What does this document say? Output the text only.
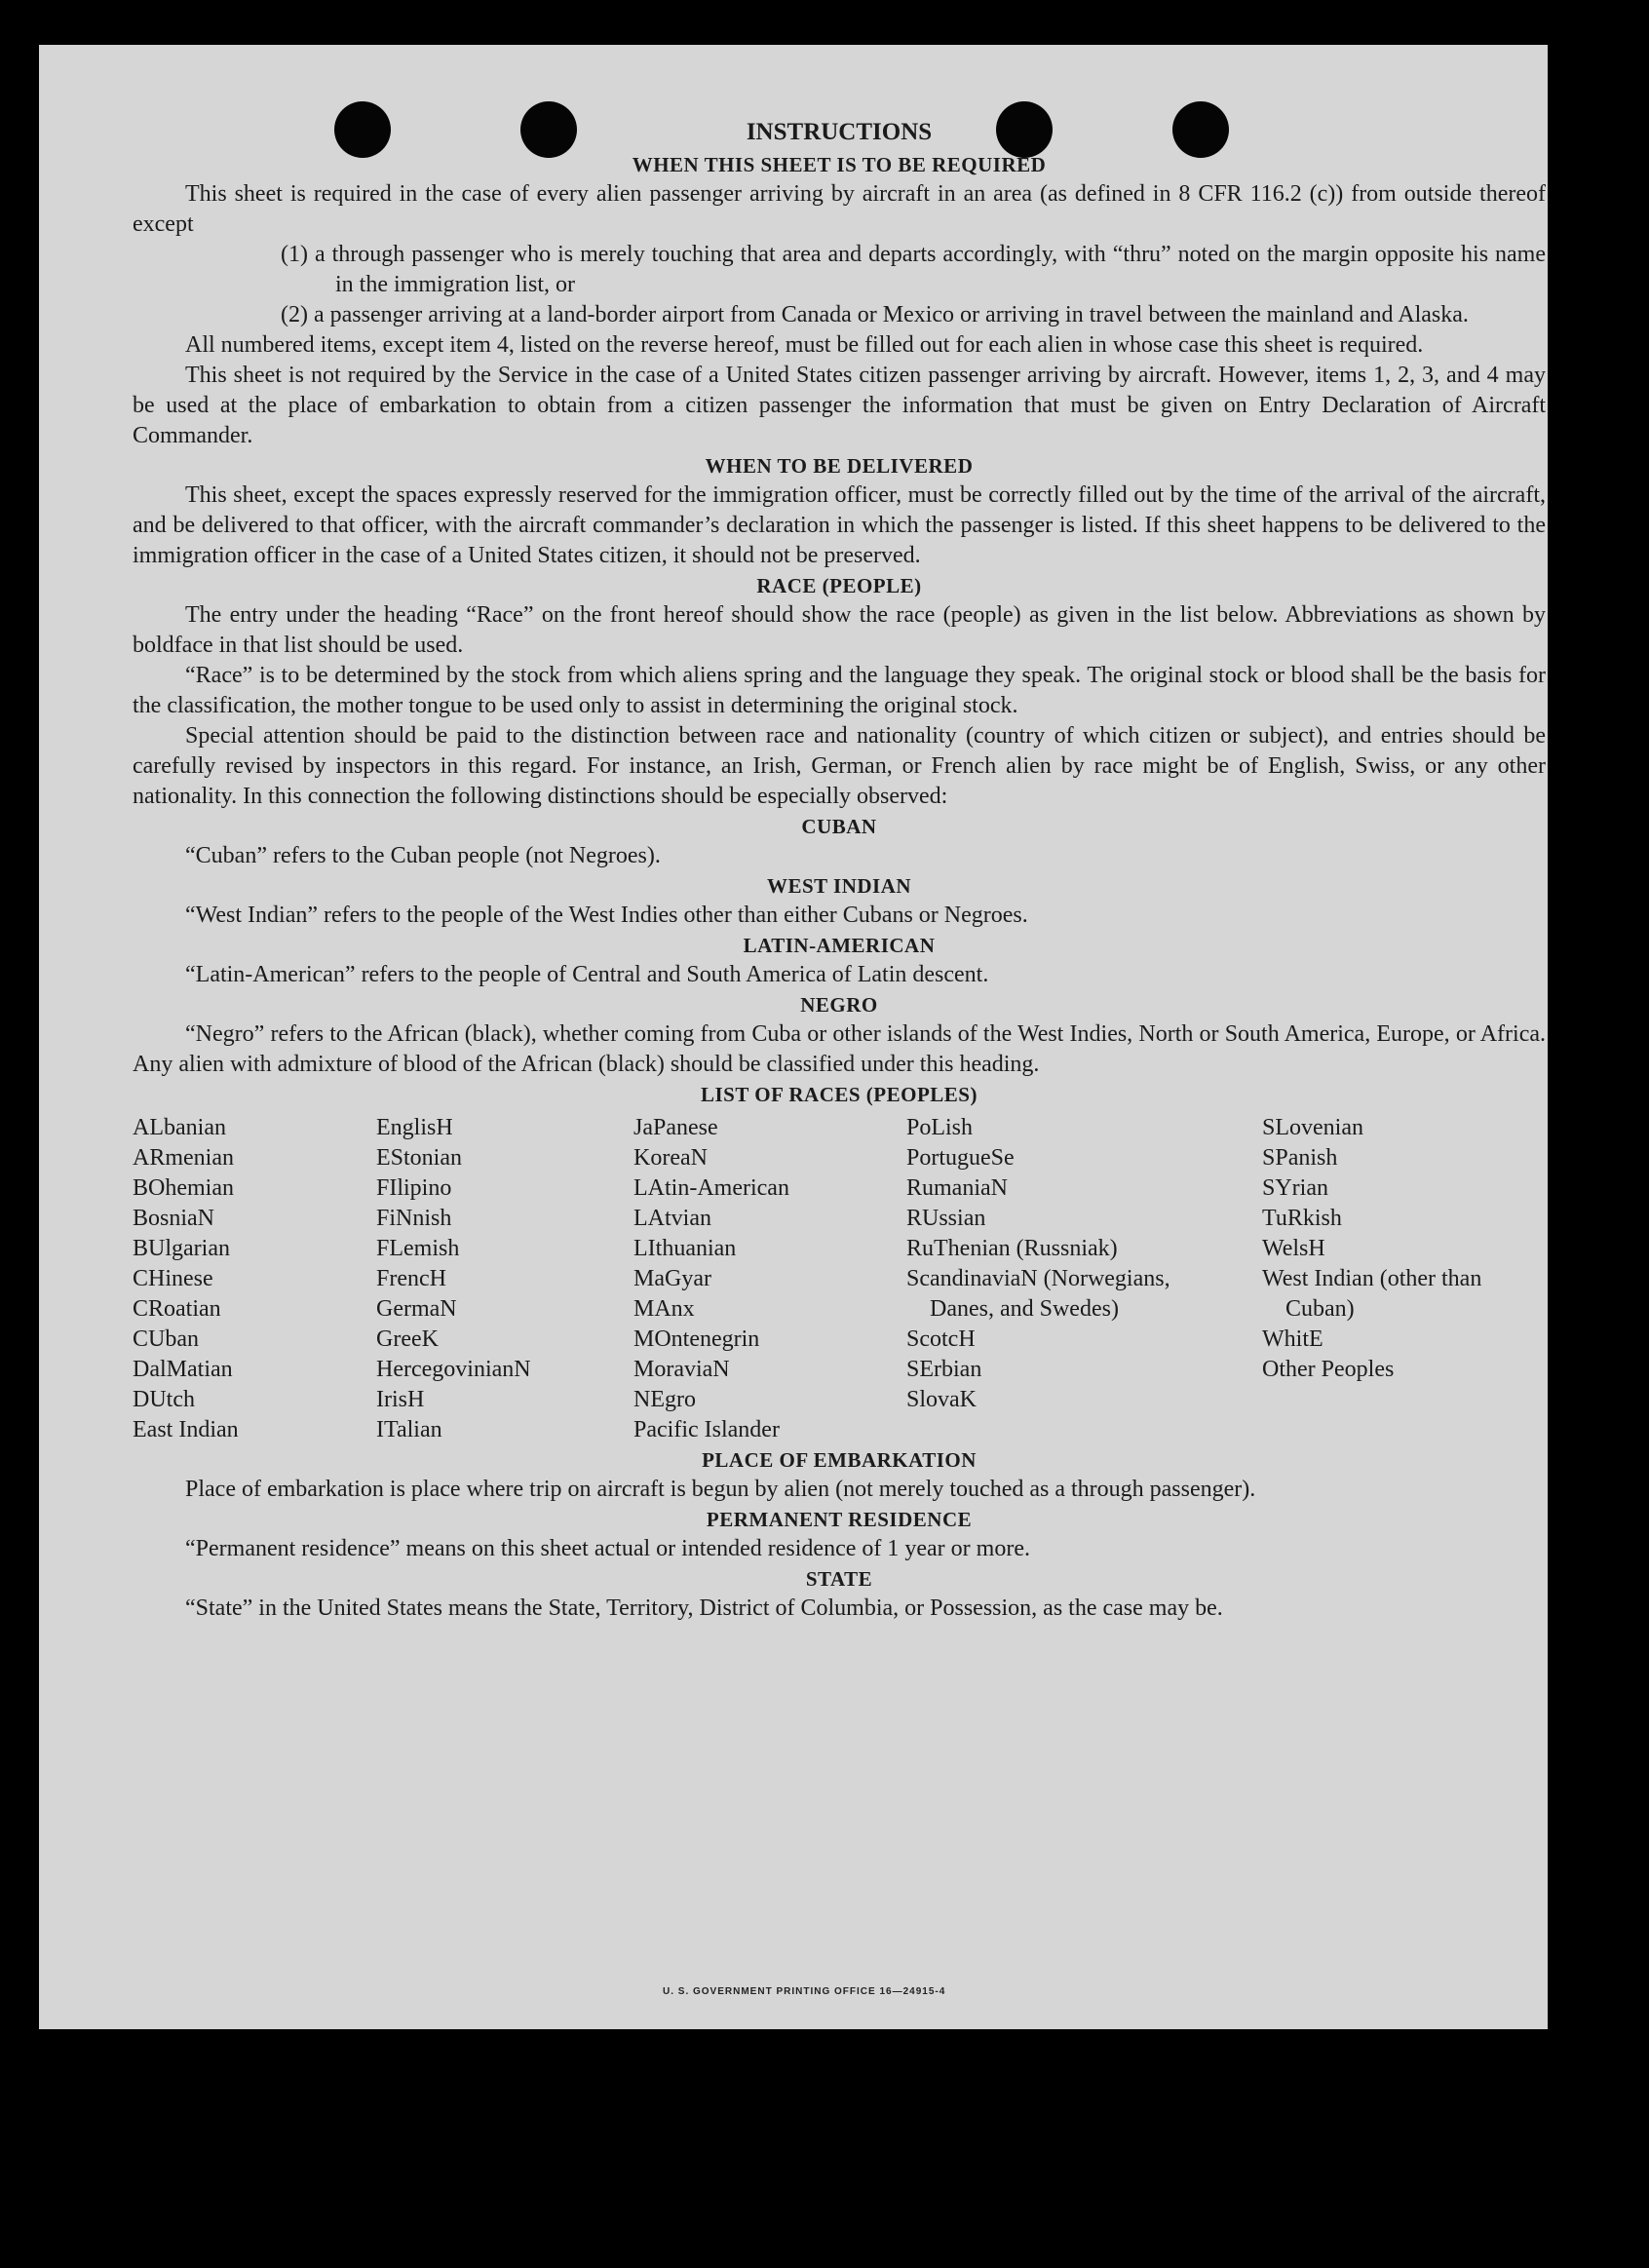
INSTRUCTIONS

WHEN THIS SHEET IS TO BE REQUIRED

This sheet is required in the case of every alien passenger arriving by aircraft in an area (as defined in 8 CFR 116.2 (c)) from outside thereof except

(1) a through passenger who is merely touching that area and departs accordingly, with “thru” noted on the margin opposite his name in the immigration list, or

(2) a passenger arriving at a land-border airport from Canada or Mexico or arriving in travel between the mainland and Alaska.

All numbered items, except item 4, listed on the reverse hereof, must be filled out for each alien in whose case this sheet is required.

This sheet is not required by the Service in the case of a United States citizen passenger arriving by aircraft. However, items 1, 2, 3, and 4 may be used at the place of embarkation to obtain from a citizen passenger the information that must be given on Entry Declaration of Aircraft Commander.

WHEN TO BE DELIVERED

This sheet, except the spaces expressly reserved for the immigration officer, must be correctly filled out by the time of the arrival of the aircraft, and be delivered to that officer, with the aircraft commander’s declaration in which the passenger is listed. If this sheet happens to be delivered to the immigration officer in the case of a United States citizen, it should not be preserved.

RACE (PEOPLE)

The entry under the heading “Race” on the front hereof should show the race (people) as given in the list below. Abbreviations as shown by boldface in that list should be used.

“Race” is to be determined by the stock from which aliens spring and the language they speak. The original stock or blood shall be the basis for the classification, the mother tongue to be used only to assist in determining the original stock.

Special attention should be paid to the distinction between race and nationality (country of which citizen or subject), and entries should be carefully revised by inspectors in this regard. For instance, an Irish, German, or French alien by race might be of English, Swiss, or any other nationality. In this connection the following distinctions should be especially observed:

CUBAN

“Cuban” refers to the Cuban people (not Negroes).

WEST INDIAN

“West Indian” refers to the people of the West Indies other than either Cubans or Negroes.

LATIN-AMERICAN

“Latin-American” refers to the people of Central and South America of Latin descent.

NEGRO

“Negro” refers to the African (black), whether coming from Cuba or other islands of the West Indies, North or South America, Europe, or Africa. Any alien with admixture of blood of the African (black) should be classified under this heading.

LIST OF RACES (PEOPLES)

ALbanian
ARmenian
BOhemian
BosniaN
BUlgarian
CHinese
CRoatian
CUban
DalMatian
DUtch
East Indian
EnglisH
EStonian
FIlipino
FiNnish
FLemish
FrencH
GermaN
GreeK
HercegovinianN
IrisH
ITalian
JaPanese
KoreaN
LAtin-American
LAtvian
LIthuanian
MaGyar
MAnx
MOntenegrin
MoraviaN
NEgro
Pacific Islander
PoLish
PortugueSe
RumaniaN
RUssian
RuThenian (Russniak)
ScandinaviaN (Norwegians, Danes, and Swedes)
ScotcH
SErbian
SlovaK
SLovenian
SPanish
SYrian
TuRkish
WelsH
West Indian (other than Cuban)
WhitE
Other Peoples

PLACE OF EMBARKATION

Place of embarkation is place where trip on aircraft is begun by alien (not merely touched as a through passenger).

PERMANENT RESIDENCE

“Permanent residence” means on this sheet actual or intended residence of 1 year or more.

STATE

“State” in the United States means the State, Territory, District of Columbia, or Possession, as the case may be.

U. S. GOVERNMENT PRINTING OFFICE 16—24915-4
